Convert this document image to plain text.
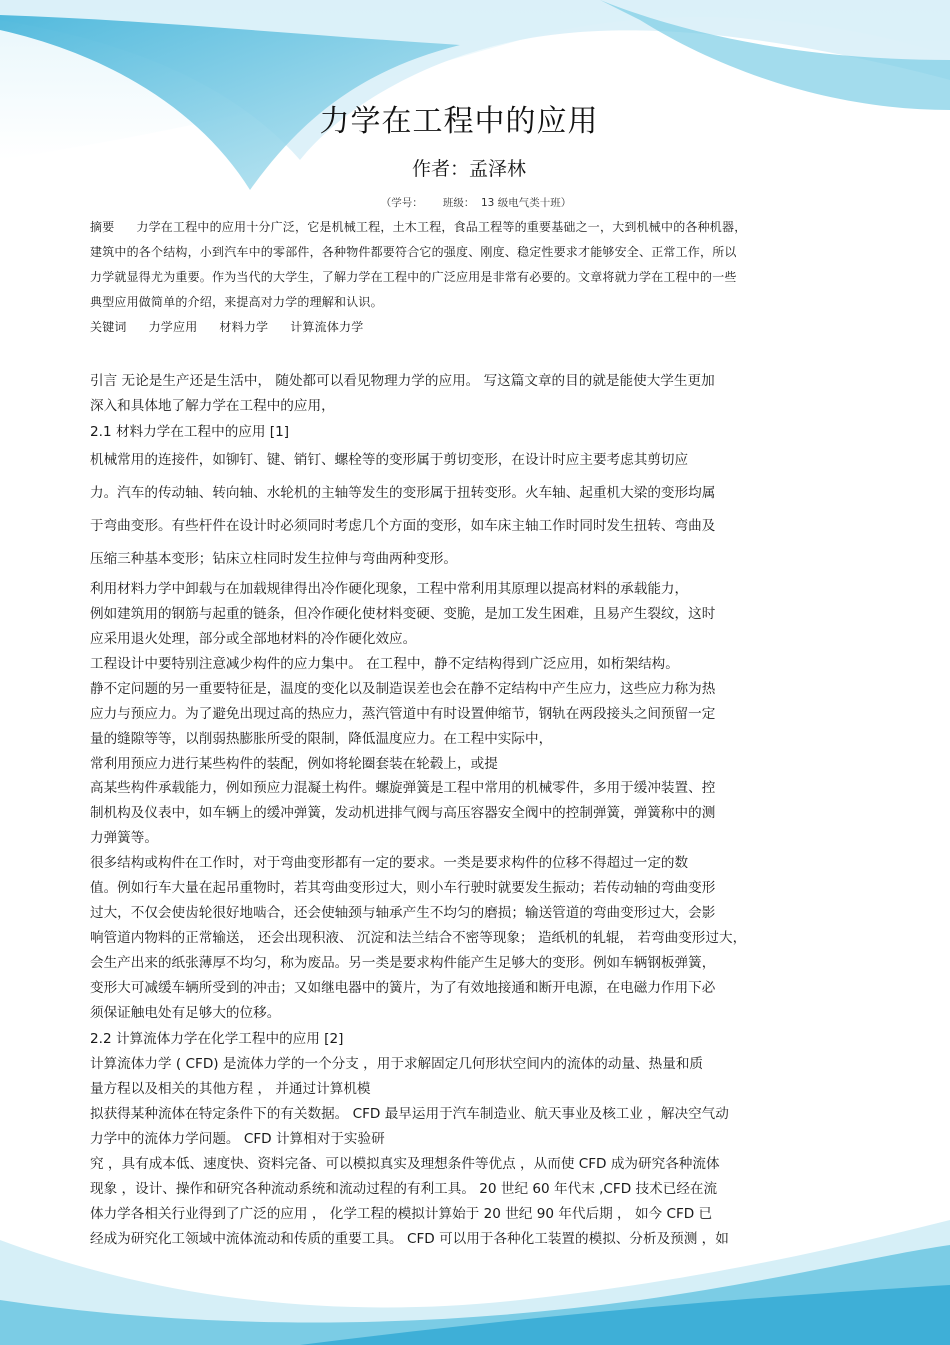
力学在工程中的应用
作者：孟泽林
（学号：      班级：  13 级电气类十班）
摘要 力学在工程中的应用十分广泛，它是机械工程，土木工程，食品工程等的重要基础之一，大到机械中的各种机器，
建筑中的各个结构，小到汽车中的零部件，各种物件都要符合它的强度、刚度、稳定性要求才能够安全、正常工作，所以
力学就显得尤为重要。作为当代的大学生，了解力学在工程中的广泛应用是非常有必要的。文章将就力学在工程中的一些
典型应用做简单的介绍，来提高对力学的理解和认识。
关键词 力学应用 材料力学 计算流体力学
引言 无论是生产还是生活中， 随处都可以看见物理力学的应用。 写这篇文章的目的就是能使大学生更加
深入和具体地了解力学在工程中的应用，
2.1 材料力学在工程中的应用 [1]
机械常用的连接件，如铆钉、键、销钉、螺栓等的变形属于剪切变形，在设计时应主要考虑其剪切应
力。汽车的传动轴、转向轴、水轮机的主轴等发生的变形属于扭转变形。火车轴、起重机大梁的变形均属
于弯曲变形。有些杆件在设计时必须同时考虑几个方面的变形，如车床主轴工作时同时发生扭转、弯曲及
压缩三种基本变形；钻床立柱同时发生拉伸与弯曲两种变形。
利用材料力学中卸载与在加载规律得出冷作硬化现象，工程中常利用其原理以提高材料的承载能力，
例如建筑用的钢筋与起重的链条，但冷作硬化使材料变硬、变脆，是加工发生困难，且易产生裂纹，这时
应采用退火处理，部分或全部地材料的冷作硬化效应。
工程设计中要特别注意减少构件的应力集中。 在工程中，静不定结构得到广泛应用，如桁架结构。
静不定问题的另一重要特征是，温度的变化以及制造误差也会在静不定结构中产生应力，这些应力称为热
应力与预应力。为了避免出现过高的热应力，蒸汽管道中有时设置伸缩节，钢轨在两段接头之间预留一定
量的缝隙等等，以削弱热膨胀所受的限制，降低温度应力。在工程中实际中，
常利用预应力进行某些构件的装配，例如将轮圈套装在轮毂上，或提
高某些构件承载能力，例如预应力混凝土构件。螺旋弹簧是工程中常用的机械零件，多用于缓冲装置、控
制机构及仪表中，如车辆上的缓冲弹簧，发动机进排气阀与高压容器安全阀中的控制弹簧，弹簧称中的测
力弹簧等。
很多结构或构件在工作时，对于弯曲变形都有一定的要求。一类是要求构件的位移不得超过一定的数
值。例如行车大量在起吊重物时，若其弯曲变形过大，则小车行驶时就要发生振动；若传动轴的弯曲变形
过大，不仅会使齿轮很好地啮合，还会使轴颈与轴承产生不均匀的磨损；输送管道的弯曲变形过大，会影
响管道内物料的正常输送， 还会出现积液、 沉淀和法兰结合不密等现象； 造纸机的轧辊， 若弯曲变形过大，
会生产出来的纸张薄厚不均匀，称为废品。另一类是要求构件能产生足够大的变形。例如车辆钢板弹簧，
变形大可减缓车辆所受到的冲击；又如继电器中的簧片，为了有效地接通和断开电源，在电磁力作用下必
须保证触电处有足够大的位移。
2.2 计算流体力学在化学工程中的应用 [2]
计算流体力学 ( CFD) 是流体力学的一个分支 ，用于求解固定几何形状空间内的流体的动量、热量和质
量方程以及相关的其他方程 ， 并通过计算机模
拟获得某种流体在特定条件下的有关数据。 CFD 最早运用于汽车制造业、航天事业及核工业 ，解决空气动
力学中的流体力学问题。 CFD 计算相对于实验研
究 ，具有成本低、速度快、资料完备、可以模拟真实及理想条件等优点 ，从而使 CFD 成为研究各种流体
现象 ，设计、操作和研究各种流动系统和流动过程的有利工具。 20 世纪 60 年代末 ,CFD 技术已经在流
体力学各相关行业得到了广泛的应用 ， 化学工程的模拟计算始于 20 世纪 90 年代后期 ， 如今 CFD 已
经成为研究化工领域中流体流动和传质的重要工具。 CFD 可以用于各种化工装置的模拟、分析及预测 ，如
